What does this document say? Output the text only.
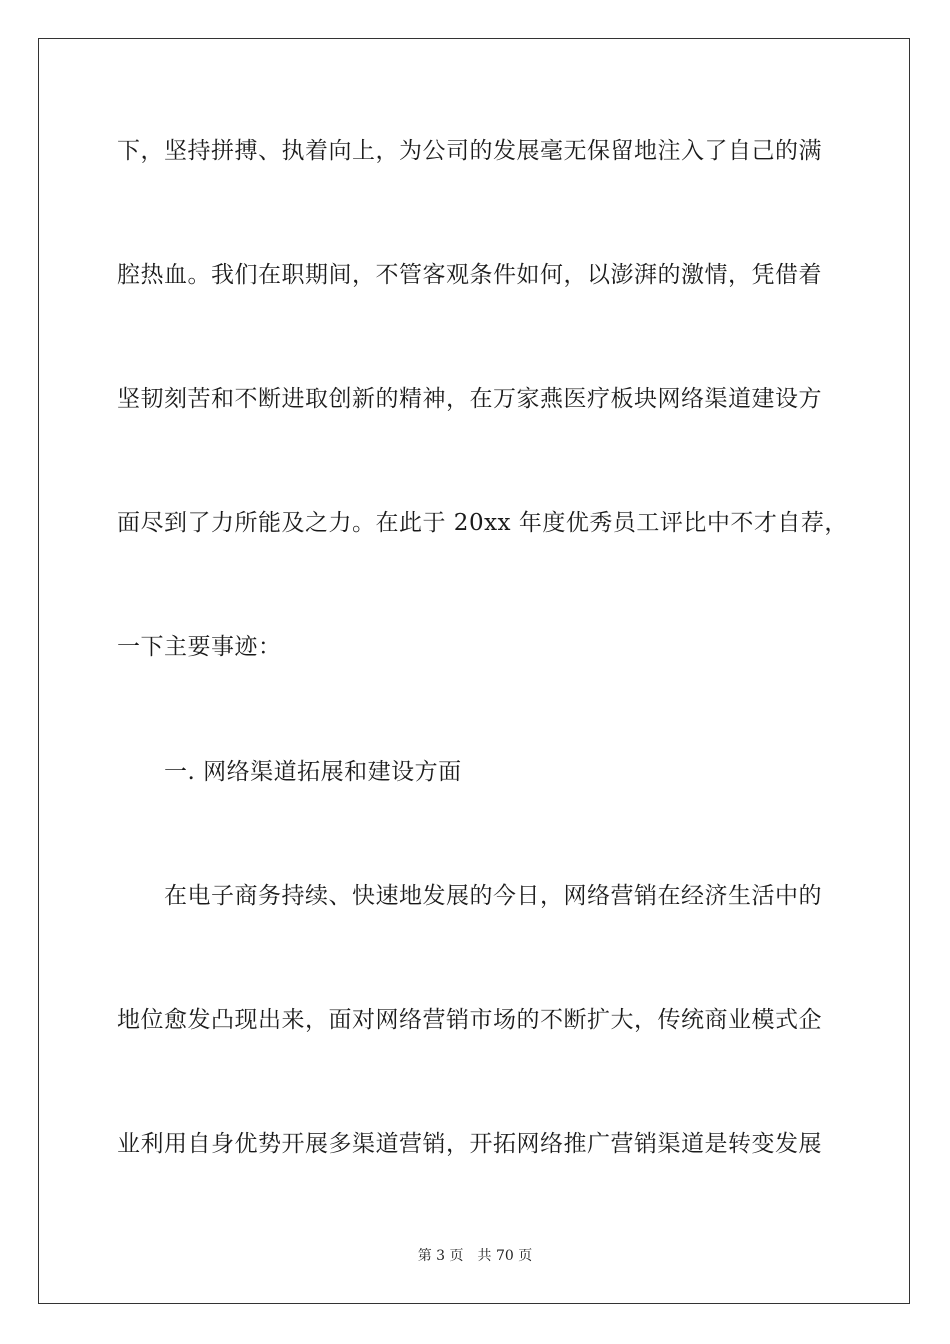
下，坚持拼搏、执着向上，为公司的发展毫无保留地注入了自己的满
腔热血。我们在职期间，不管客观条件如何，以澎湃的激情，凭借着
坚韧刻苦和不断进取创新的精神，在万家燕医疗板块网络渠道建设方
面尽到了力所能及之力。在此于 20xx 年度优秀员工评比中不才自荐，
一下主要事迹：
一. 网络渠道拓展和建设方面
在电子商务持续、快速地发展的今日，网络营销在经济生活中的
地位愈发凸现出来，面对网络营销市场的不断扩大，传统商业模式企
业利用自身优势开展多渠道营销，开拓网络推广营销渠道是转变发展
第 3 页 共 70 页
